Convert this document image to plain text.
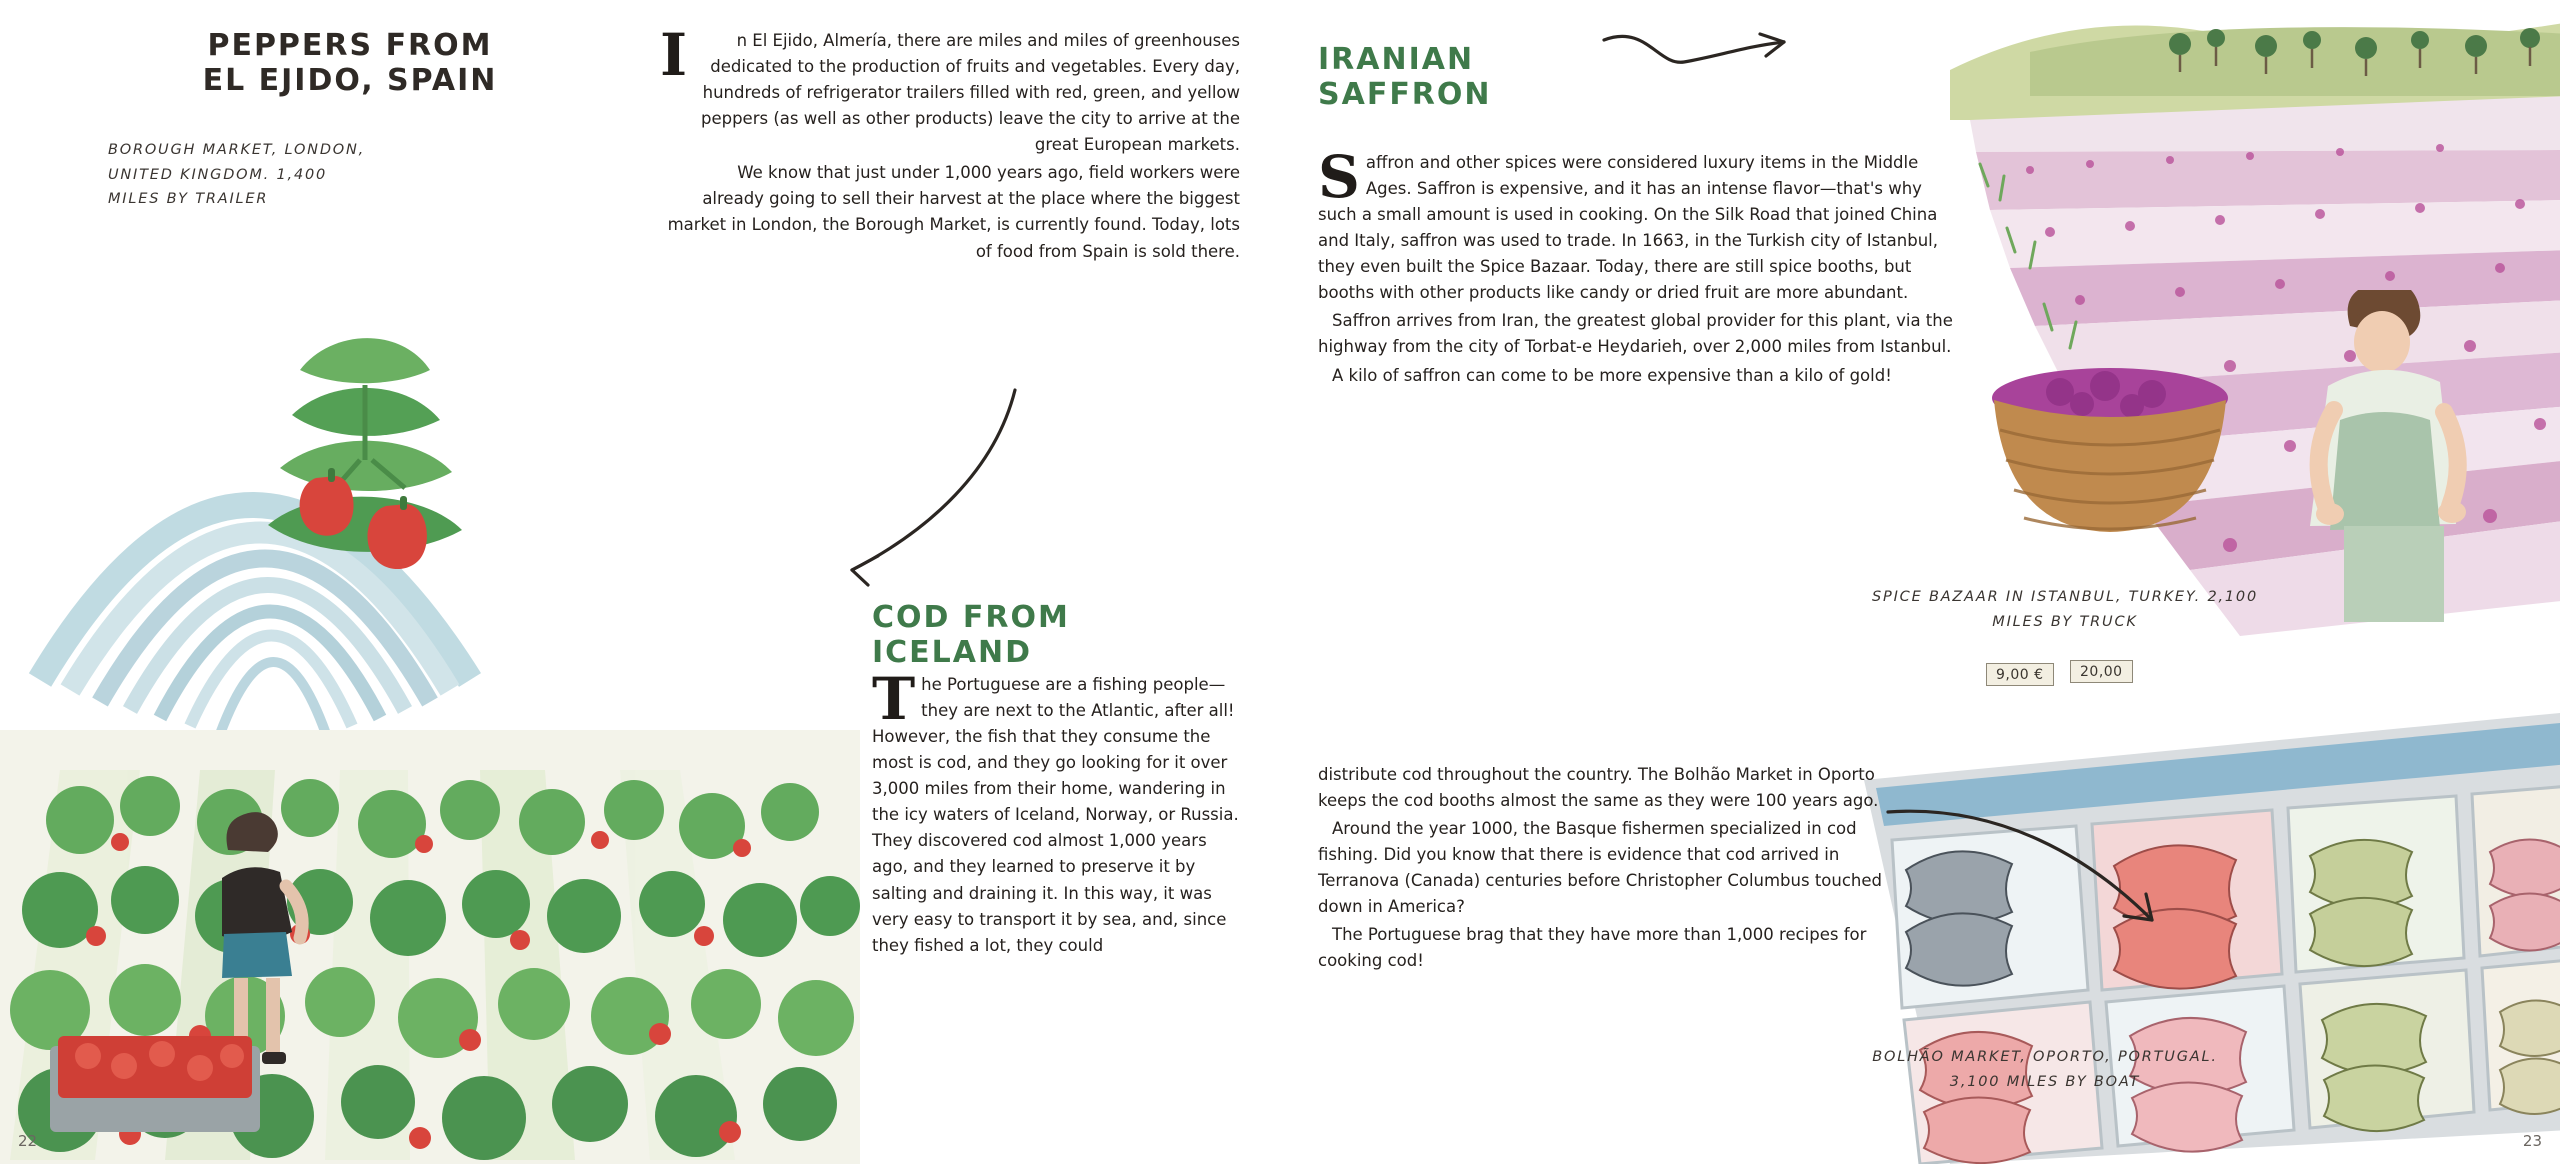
PEPPERS FROM EL EJIDO, SPAIN
BOROUGH MARKET, LONDON, UNITED KINGDOM. 1,400 MILES BY TRAILER

I	n El Ejido, Almería, there are miles and miles of greenhouses dedicated to the production of fruits and vegetables. Every day, hundreds of refrigerator trailers filled with red, green, and yellow peppers (as well as other products) leave the city to arrive at the great European markets.

We know that just under 1,000 years ago, field workers were already going to sell their harvest at the place where the biggest market in London, the Borough Market, is currently found. Today, lots of food from Spain is sold there.

COD FROM ICELAND

The Portuguese are a fishing people—they are next to the Atlantic, after all! However, the fish that they consume the most is cod, and they go looking for it over 3,000 miles from their home, wandering in the icy waters of Iceland, Norway, or Russia. They discovered cod almost 1,000 years ago, and they learned to preserve it by salting and draining it. In this way, it was very easy to transport it by sea, and, since they fished a lot, they could

22
9,00 €	20,00
IRANIAN SAFFRON

Saffron and other spices were considered luxury items in the Middle Ages. Saffron is expensive, and it has an intense flavor—that's why such a small amount is used in cooking. On the Silk Road that joined China and Italy, saffron was used to trade. In 1663, in the Turkish city of Istanbul, they even built the Spice Bazaar. Today, there are still spice booths, but booths with other products like candy or dried fruit are more abundant.

Saffron arrives from Iran, the greatest global provider for this plant, via the highway from the city of Torbat-e Heydarieh, over 2,000 miles from Istanbul.

A kilo of saffron can come to be more expensive than a kilo of gold!

SPICE BAZAAR IN ISTANBUL, TURKEY. 2,100 MILES BY TRUCK

distribute cod throughout the country. The Bolhão Market in Oporto keeps the cod booths almost the same as they were 100 years ago.

Around the year 1000, the Basque fishermen specialized in cod fishing. Did you know that there is evidence that cod arrived in Terranova (Canada) centuries before Christopher Columbus touched down in America?

The Portuguese brag that they have more than 1,000 recipes for cooking cod!

BOLHÃO MARKET, OPORTO, PORTUGAL. 3,100 MILES BY BOAT
23
